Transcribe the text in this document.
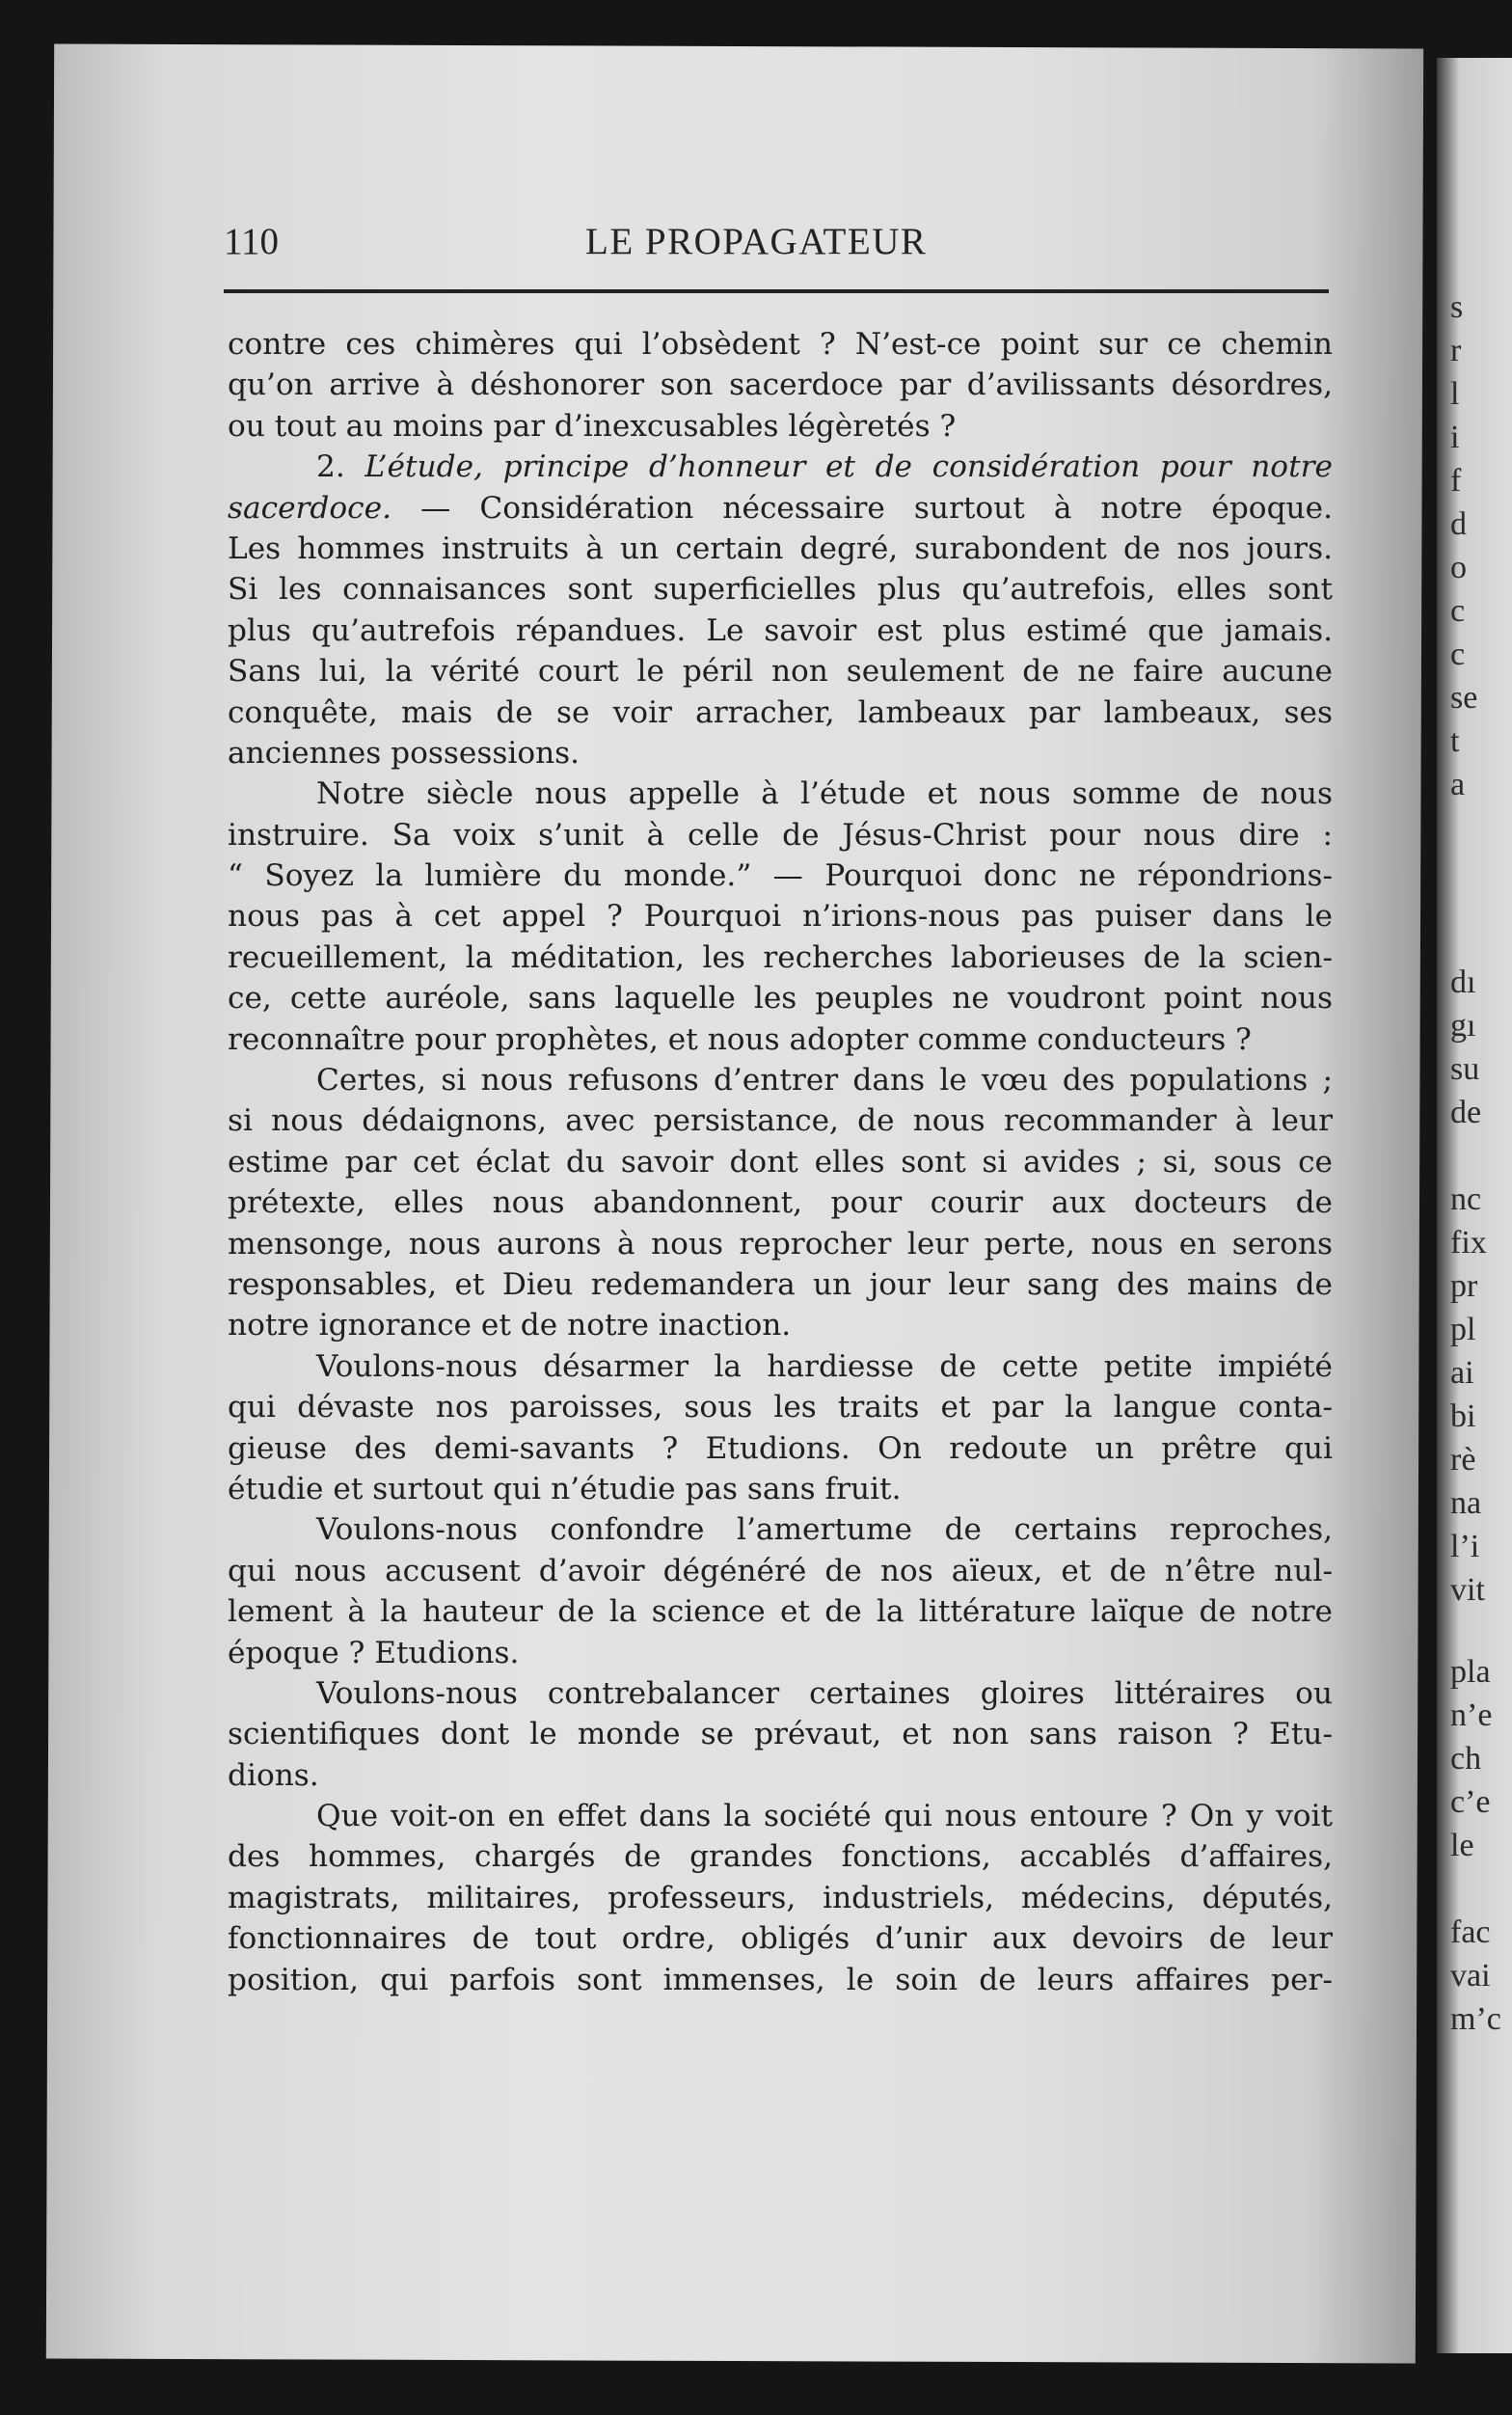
s
r
l
i
f
d
o
c
c
se
t
a
dı
gı
su
de
nc
fix
pr
pl
ai
bi
rè
na
l’i
vit
pla
n’e
ch
c’e
le
fac
vai
m’c
110	LE PROPAGATEUR
contre ces chimères qui l’obsèdent ? N’est-ce point sur ce chemin
qu’on arrive à déshonorer son sacerdoce par d’avilissants désordres,
ou tout au moins par d’inexcusables légèretés ?
2. L’étude, principe d’honneur et de considération pour notre
sacerdoce. — Considération nécessaire surtout à notre époque.
Les hommes instruits à un certain degré, surabondent de nos jours.
Si les connaisances sont superficielles plus qu’autrefois, elles sont
plus qu’autrefois répandues. Le savoir est plus estimé que jamais.
Sans lui, la vérité court le péril non seulement de ne faire aucune
conquête, mais de se voir arracher, lambeaux par lambeaux, ses
anciennes possessions.
Notre siècle nous appelle à l’étude et nous somme de nous
instruire. Sa voix s’unit à celle de Jésus-Christ pour nous dire :
“ Soyez la lumière du monde.” — Pourquoi donc ne répondrions-
nous pas à cet appel ? Pourquoi n’irions-nous pas puiser dans le
recueillement, la méditation, les recherches laborieuses de la scien-
ce, cette auréole, sans laquelle les peuples ne voudront point nous
reconnaître pour prophètes, et nous adopter comme conducteurs ?
Certes, si nous refusons d’entrer dans le vœu des populations ;
si nous dédaignons, avec persistance, de nous recommander à leur
estime par cet éclat du savoir dont elles sont si avides ; si, sous ce
prétexte, elles nous abandonnent, pour courir aux docteurs de
mensonge, nous aurons à nous reprocher leur perte, nous en serons
responsables, et Dieu redemandera un jour leur sang des mains de
notre ignorance et de notre inaction.
Voulons-nous désarmer la hardiesse de cette petite impiété
qui dévaste nos paroisses, sous les traits et par la langue conta-
gieuse des demi-savants ? Etudions. On redoute un prêtre qui
étudie et surtout qui n’étudie pas sans fruit.
Voulons-nous confondre l’amertume de certains reproches,
qui nous accusent d’avoir dégénéré de nos aïeux, et de n’être nul-
lement à la hauteur de la science et de la littérature laïque de notre
époque ? Etudions.
Voulons-nous contrebalancer certaines gloires littéraires ou
scientifiques dont le monde se prévaut, et non sans raison ? Etu-
dions.
Que voit-on en effet dans la société qui nous entoure ? On y voit
des hommes, chargés de grandes fonctions, accablés d’affaires,
magistrats, militaires, professeurs, industriels, médecins, députés,
fonctionnaires de tout ordre, obligés d’unir aux devoirs de leur
position, qui parfois sont immenses, le soin de leurs affaires per-
